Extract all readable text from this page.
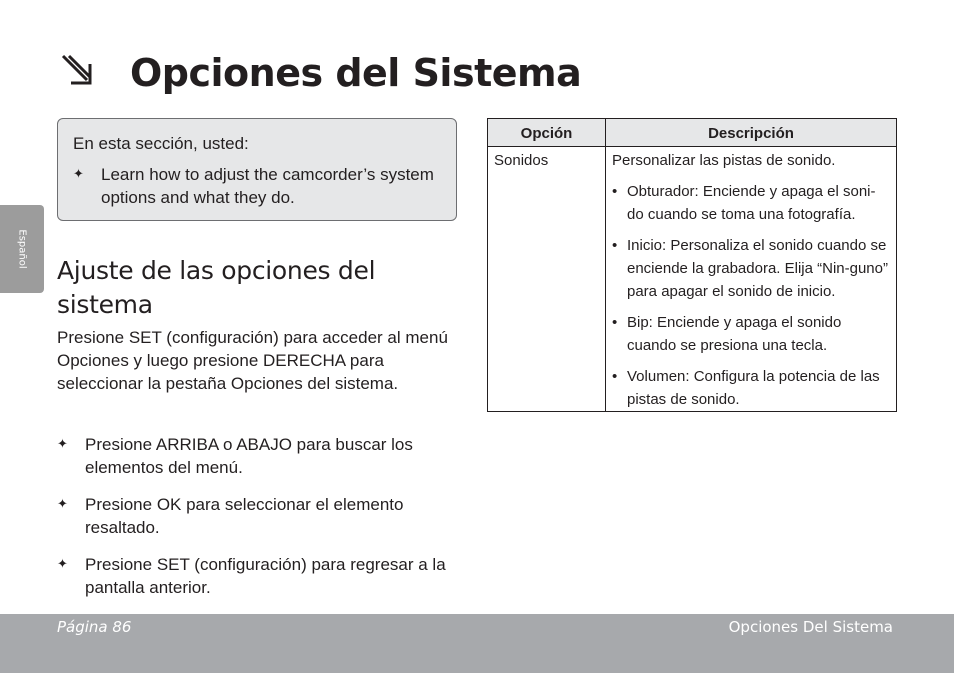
Opciones del Sistema
Español
En esta sección, usted:
✦	Learn how to adjust the camcorder’s system options and what they do.
Ajuste de las opciones del sistema
Presione SET (configuración) para acceder al menú Opciones y luego presione DERECHA para seleccionar la pestaña Opciones del sistema.
✦	Presione ARRIBA o ABAJO para buscar los elementos del menú.
✦	Presione OK para seleccionar el elemento resaltado.
✦	Presione SET (configuración) para regresar a la pantalla anterior.
Opción	Descripción
Sonidos	Personalizar las pistas de sonido.
• Obturador: Enciende y apaga el soni-do cuando se toma una fotografía.
• Inicio: Personaliza el sonido cuando se enciende la grabadora. Elija “Nin-guno” para apagar el sonido de inicio.
• Bip: Enciende y apaga el sonido cuando se presiona una tecla.
• Volumen: Configura la potencia de las pistas de sonido.
Página 86	Opciones Del Sistema
